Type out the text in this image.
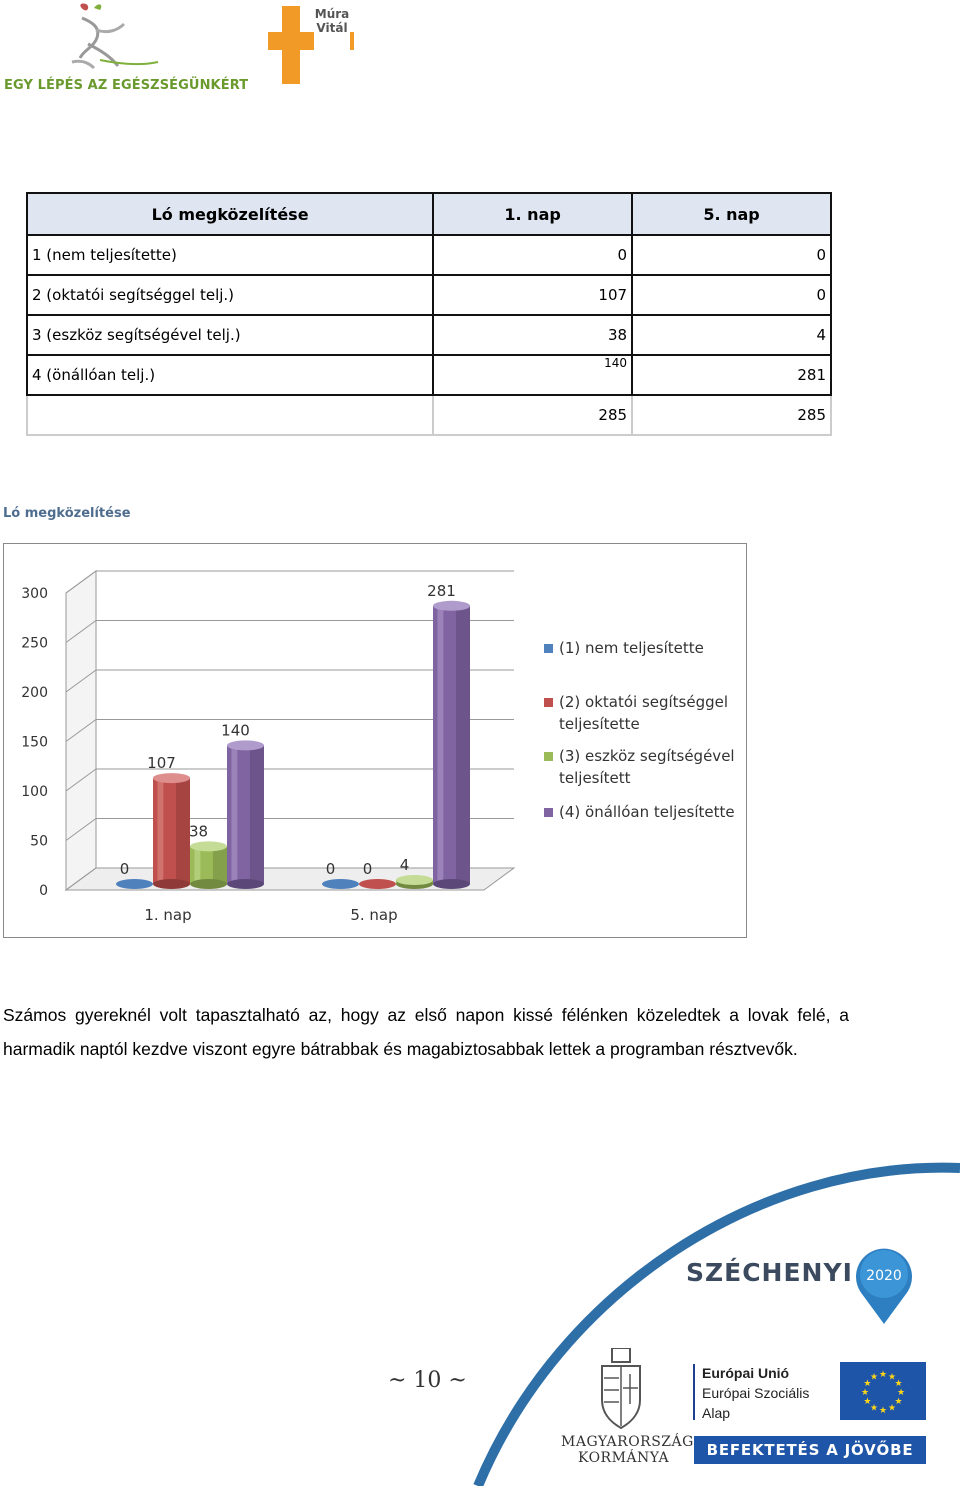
EGY LÉPÉS AZ EGÉSZSÉGÜNKÉRT
Múra
Vitál
Kft.
Ló megközelítése	1. nap	5. nap
1 (nem teljesítette)	0	0
2 (oktatói segítséggel telj.)	107	0
3 (eszköz segítségével telj.)	38	4
4 (önállóan telj.)	140	281
	285	285
Ló megközelítése
0
50
100
150
200
250
300
0
107
38
140
1. nap
0 0 4
281
5. nap
(1) nem teljesítette
(2) oktatói segítséggel
teljesítette
(3) eszköz segítségével
teljesített
(4) önállóan teljesítette

Számos gyereknél volt tapasztalható az, hogy az első napon kissé félénken közeledtek a lovak felé, a harmadik naptól kezdve viszont egyre bátrabbak és magabiztosabbak lettek a programban résztvevők.

~ 10 ~
SZÉCHENYI 2020
MAGYARORSZÁG
KORMÁNYA
Európai Unió
Európai Szociális
Alap
★
★
★
★
★
★
★
★
★ ★ ★
★
BEFEKTETÉS A JÖVŐBE
